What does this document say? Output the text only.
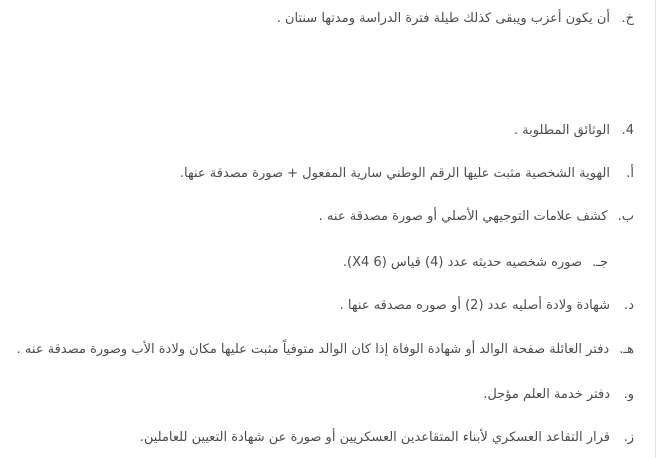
خ.أن يكون أعزب ويبقى كذلك طيلة فترة الدراسة ومدتها سنتان .
4.الوثائق المطلوبة .
أ.الهوية الشخصية مثبت عليها الرقم الوطني سارية المفعول + صورة مصدقة عنها.
ب.كشف علامات التوجيهي الأصلي أو صورة مصدقة عنه .
جـ.صوره شخصيه حديثه عدد (4) قياس (6 X4).
د.شهادة ولادة أصليه عدد (2) أو صوره مصدقه عنها .
هـ.دفتر العائلة صفحة الوالد أو شهادة الوفاة إذا كان الوالد متوفياً مثبت عليها مكان ولادة الأب وصورة مصدقة عنه .
و.دفتر خدمة العلم مؤجل.
ز.قرار التقاعد العسكري لأبناء المتقاعدين العسكريين أو صورة عن شهادة التعيين للعاملين.
